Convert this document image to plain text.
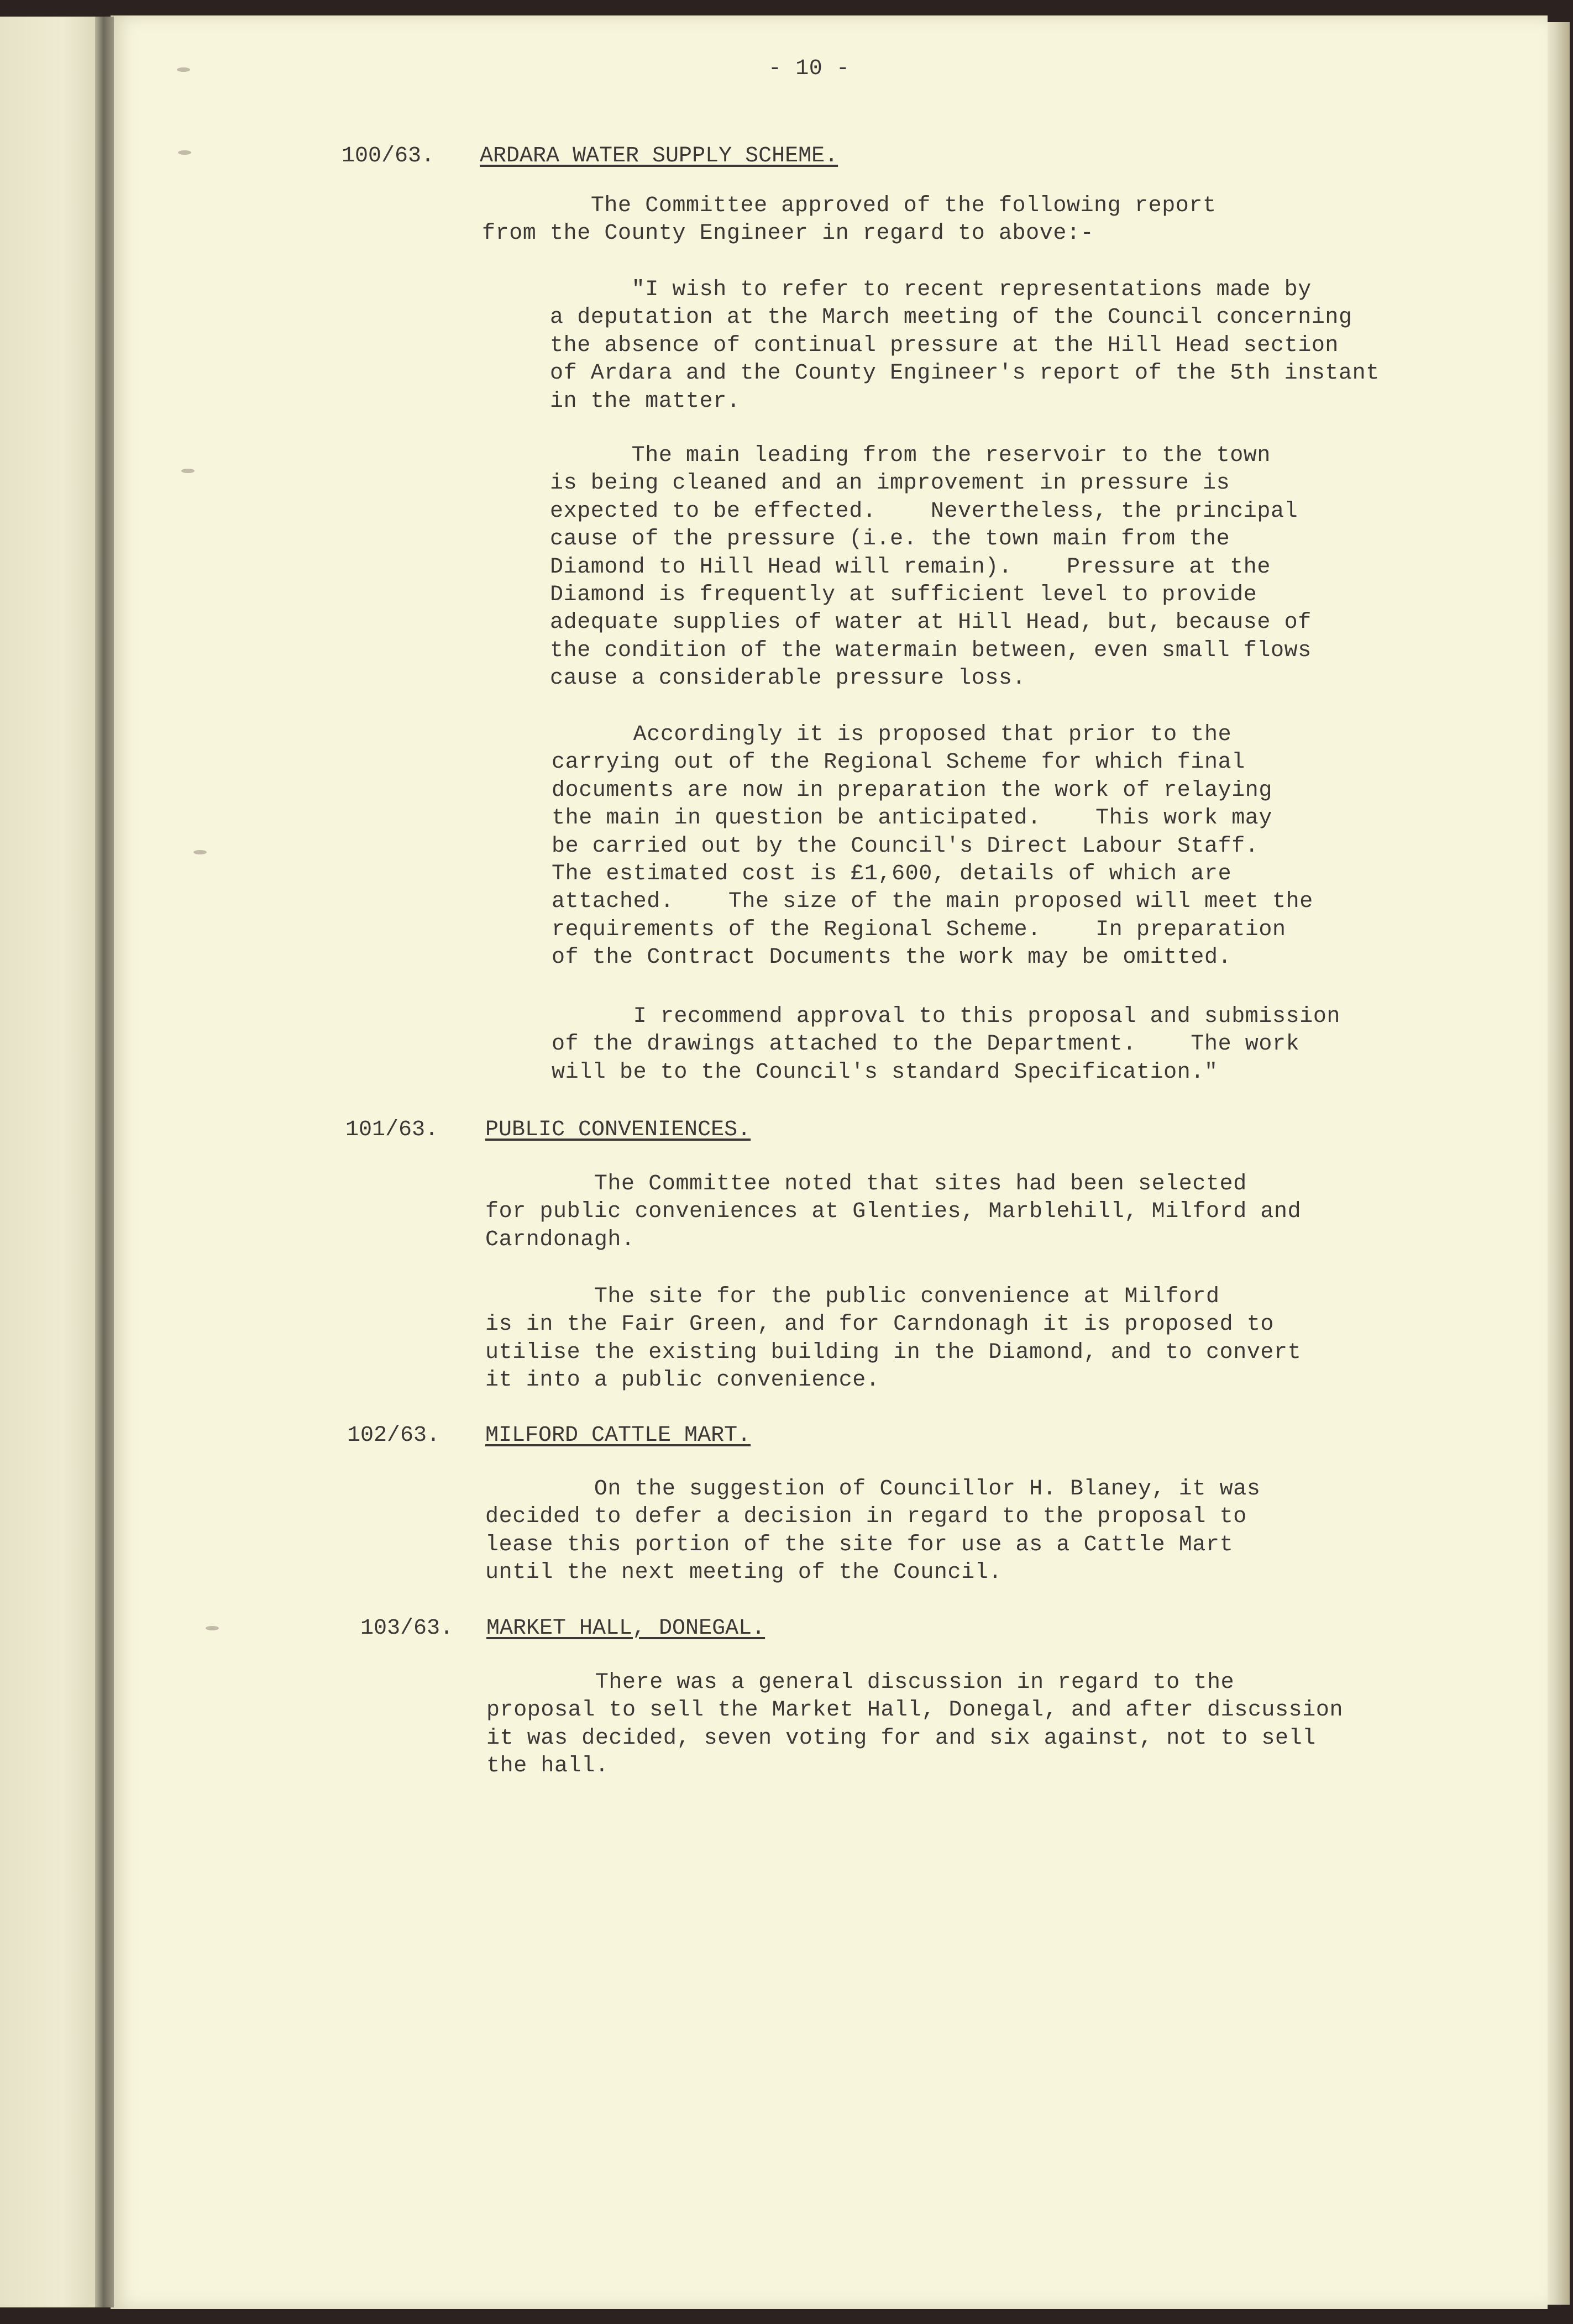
- 10 -
100/63. ARDARA WATER SUPPLY SCHEME.
The Committee approved of the following report
from the County Engineer in regard to above:-
"I wish to refer to recent representations made by
a deputation at the March meeting of the Council concerning
the absence of continual pressure at the Hill Head section
of Ardara and the County Engineer's report of the 5th instant
in the matter.
The main leading from the reservoir to the town
is being cleaned and an improvement in pressure is
expected to be effected.    Nevertheless, the principal
cause of the pressure (i.e. the town main from the
Diamond to Hill Head will remain).    Pressure at the
Diamond is frequently at sufficient level to provide
adequate supplies of water at Hill Head, but, because of
the condition of the watermain between, even small flows
cause a considerable pressure loss.
Accordingly it is proposed that prior to the
carrying out of the Regional Scheme for which final
documents are now in preparation the work of relaying
the main in question be anticipated.    This work may
be carried out by the Council's Direct Labour Staff.
The estimated cost is £1,600, details of which are
attached.    The size of the main proposed will meet the
requirements of the Regional Scheme.    In preparation
of the Contract Documents the work may be omitted.
I recommend approval to this proposal and submission
of the drawings attached to the Department.    The work
will be to the Council's standard Specification."
101/63. PUBLIC CONVENIENCES.
The Committee noted that sites had been selected
for public conveniences at Glenties, Marblehill, Milford and
Carndonagh.
The site for the public convenience at Milford
is in the Fair Green, and for Carndonagh it is proposed to
utilise the existing building in the Diamond, and to convert
it into a public convenience.
102/63. MILFORD CATTLE MART.
On the suggestion of Councillor H. Blaney, it was
decided to defer a decision in regard to the proposal to
lease this portion of the site for use as a Cattle Mart
until the next meeting of the Council.
103/63. MARKET HALL, DONEGAL.
There was a general discussion in regard to the
proposal to sell the Market Hall, Donegal, and after discussion
it was decided, seven voting for and six against, not to sell
the hall.
